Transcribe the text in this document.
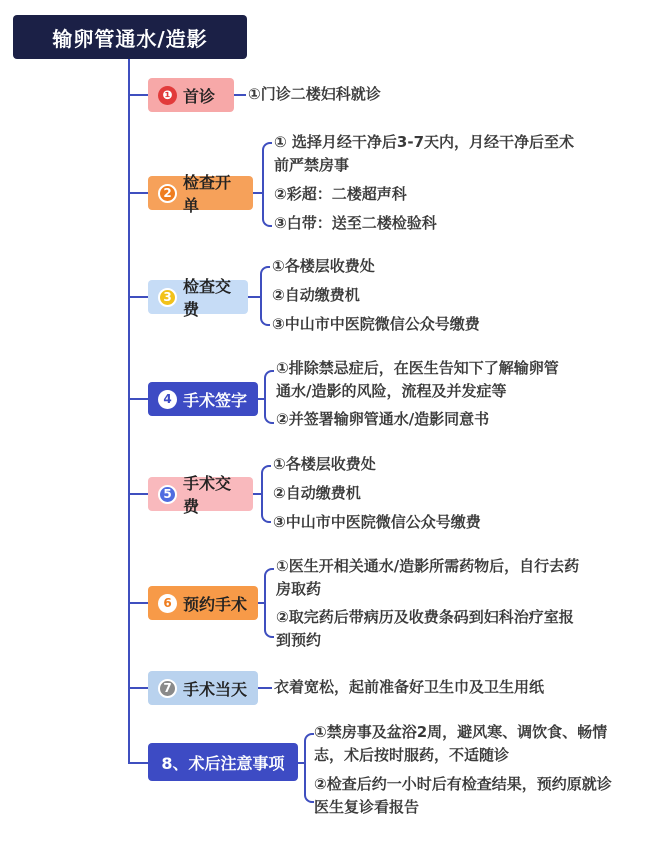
输卵管通水/造影
❶ 首诊 ①门诊二楼妇科就诊
2
检查开单
① 选择月经干净后3-7天内，月经干净后至术
前严禁房事
②彩超：二楼超声科
③白带：送至二楼检验科
3
检查交费
①各楼层收费处
②自动缴费机
③中山市中医院微信公众号缴费
4 手术签字
①排除禁忌症后，在医生告知下了解输卵管
通水/造影的风险，流程及并发症等
②并签署输卵管通水/造影同意书
5
手术交费
①各楼层收费处
②自动缴费机
③中山市中医院微信公众号缴费
6 预约手术
①医生开相关通水/造影所需药物后，自行去药
房取药
②取完药后带病历及收费条码到妇科治疗室报
到预约
7 手术当天 衣着宽松，起前准备好卫生巾及卫生用纸
8、术后注意事项
①禁房事及盆浴2周，避风寒、调饮食、畅情
志，术后按时服药，不适随诊
②检查后约一小时后有检查结果，预约原就诊
医生复诊看报告
